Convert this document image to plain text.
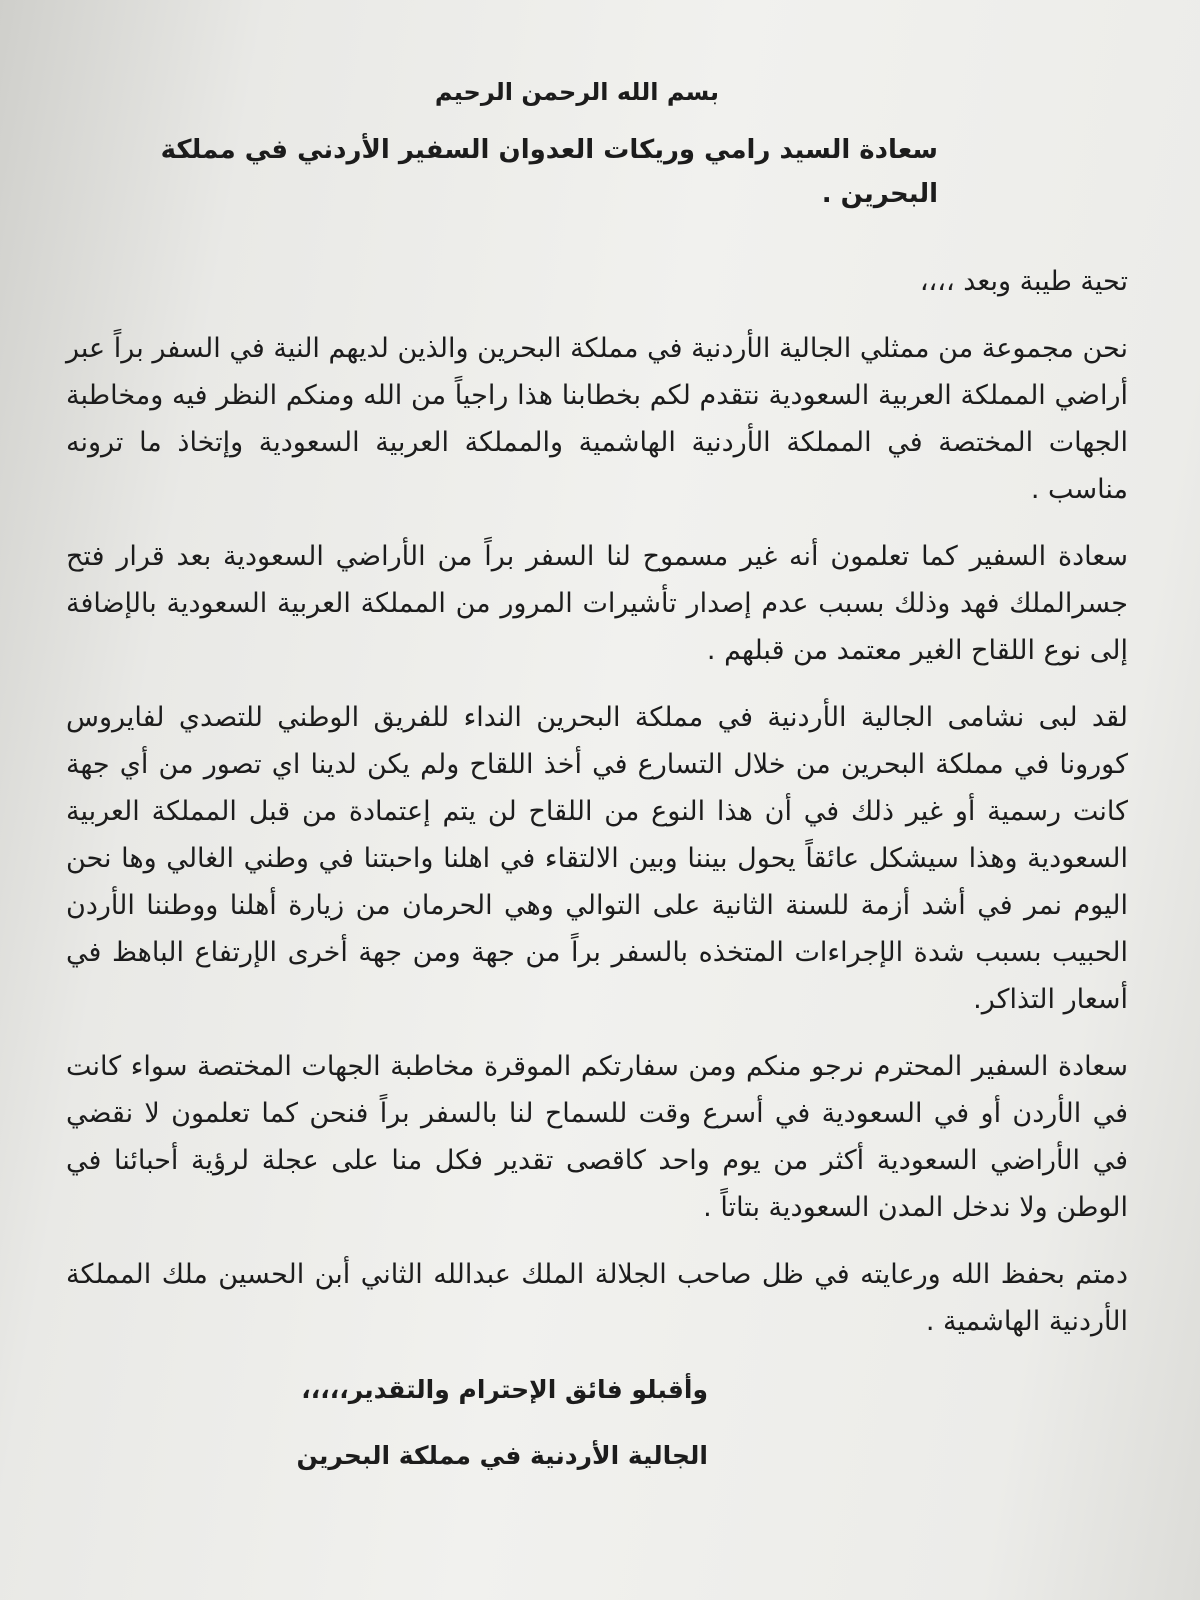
بسم الله الرحمن الرحيم
سعادة السيد رامي وريكات العدوان السفير الأردني في مملكة البحرين .
تحية طيبة وبعد ،،،،

نحن مجموعة من ممثلي الجالية الأردنية في مملكة البحرين والذين لديهم النية في السفر براً عبر أراضي المملكة العربية السعودية نتقدم لكم بخطابنا هذا راجياً من الله ومنكم النظر فيه ومخاطبة الجهات المختصة في المملكة الأردنية الهاشمية والمملكة العربية السعودية وإتخاذ ما ترونه مناسب .

سعادة السفير كما تعلمون أنه غير مسموح لنا السفر براً من الأراضي السعودية بعد قرار فتح جسرالملك فهد وذلك بسبب عدم إصدار تأشيرات المرور من المملكة العربية السعودية بالإضافة إلى نوع اللقاح الغير معتمد من قبلهم .

لقد لبى نشامى الجالية الأردنية في مملكة البحرين النداء للفريق الوطني للتصدي لفايروس كورونا في مملكة البحرين من خلال التسارع في أخذ اللقاح ولم يكن لدينا اي تصور من أي جهة كانت رسمية أو غير ذلك في أن هذا النوع من اللقاح لن يتم إعتمادة من قبل المملكة العربية السعودية وهذا سيشكل عائقاً يحول بيننا وبين الالتقاء في اهلنا واحبتنا في وطني الغالي وها نحن اليوم نمر في أشد أزمة للسنة الثانية على التوالي وهي الحرمان من زيارة أهلنا ووطننا الأردن الحبيب بسبب شدة الإجراءات المتخذه بالسفر براً من جهة ومن جهة أخرى الإرتفاع الباهظ في أسعار التذاكر.

سعادة السفير المحترم نرجو منكم ومن سفارتكم الموقرة مخاطبة الجهات المختصة سواء كانت في الأردن أو في السعودية في أسرع وقت للسماح لنا بالسفر براً فنحن كما تعلمون لا نقضي في الأراضي السعودية أكثر من يوم واحد كاقصى تقدير فكل منا على عجلة لرؤية أحبائنا في الوطن ولا ندخل المدن السعودية بتاتاً .

دمتم بحفظ الله ورعايته في ظل صاحب الجلالة الملك عبدالله الثاني أبن الحسين ملك المملكة الأردنية الهاشمية .

وأقبلو فائق الإحترام والتقدير،،،،،
الجالية الأردنية في مملكة البحرين
